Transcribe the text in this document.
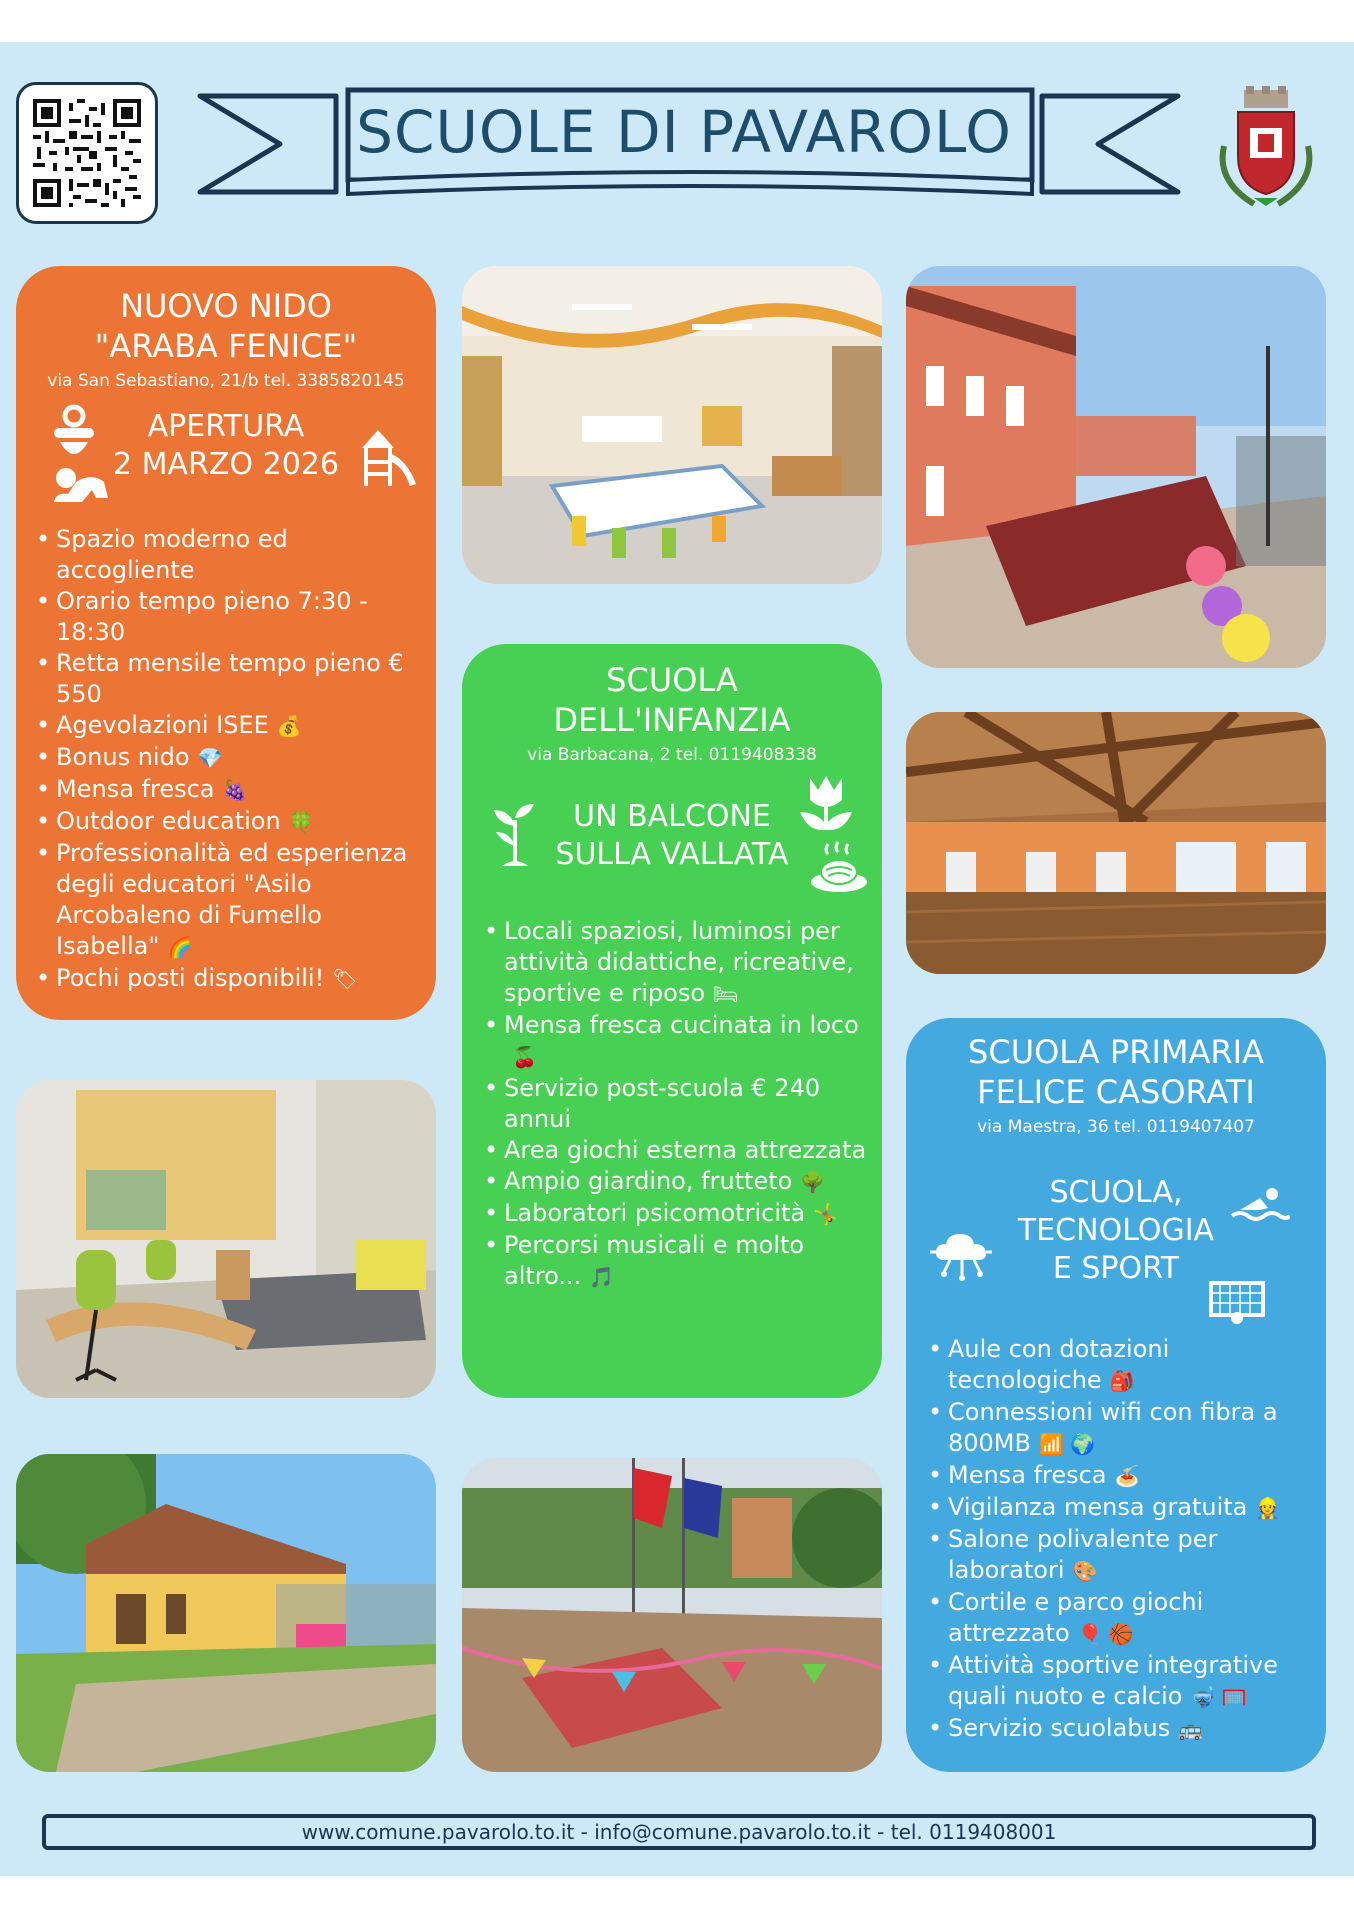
SCUOLE DI PAVAROLO
NUOVO NIDO
"ARABA FENICE"
via San Sebastiano, 21/b tel. 3385820145
APERTURA
2 MARZO 2026
• Spazio moderno ed accogliente
• Orario tempo pieno 7:30 - 18:30
• Retta mensile tempo pieno € 550
• Agevolazioni ISEE 💰
• Bonus nido 💎
• Mensa fresca 🍇
• Outdoor education 🍀
• Professionalità ed esperienza degli educatori "Asilo Arcobaleno di Fumello Isabella" 🌈
• Pochi posti disponibili! 🏷
SCUOLA
DELL'INFANZIA
via Barbacana, 2 tel. 0119408338
UN BALCONE
SULLA VALLATA
• Locali spaziosi, luminosi per attività didattiche, ricreative, sportive e riposo 🛏
• Mensa fresca cucinata in loco🍒
• Servizio post-scuola € 240 annui
• Area giochi esterna attrezzata
• Ampio giardino, frutteto 🌳
• Laboratori psicomotricità 🤸
• Percorsi musicali e molto altro... 🎵
SCUOLA PRIMARIA
FELICE CASORATI
via Maestra, 36 tel. 0119407407
SCUOLA,
TECNOLOGIA
E SPORT
• Aule con dotazioni tecnologiche 🎒
• Connessioni wifi con fibra a 800MB 📶 🌍
• Mensa fresca 🍝
• Vigilanza mensa gratuita 👷
• Salone polivalente per laboratori 🎨
• Cortile e parco giochi attrezzato 🎈 🏀
• Attività sportive integrative quali nuoto e calcio 🤿 🥅
• Servizio scuolabus 🚌
www.comune.pavarolo.to.it - info@comune.pavarolo.to.it - tel. 0119408001
